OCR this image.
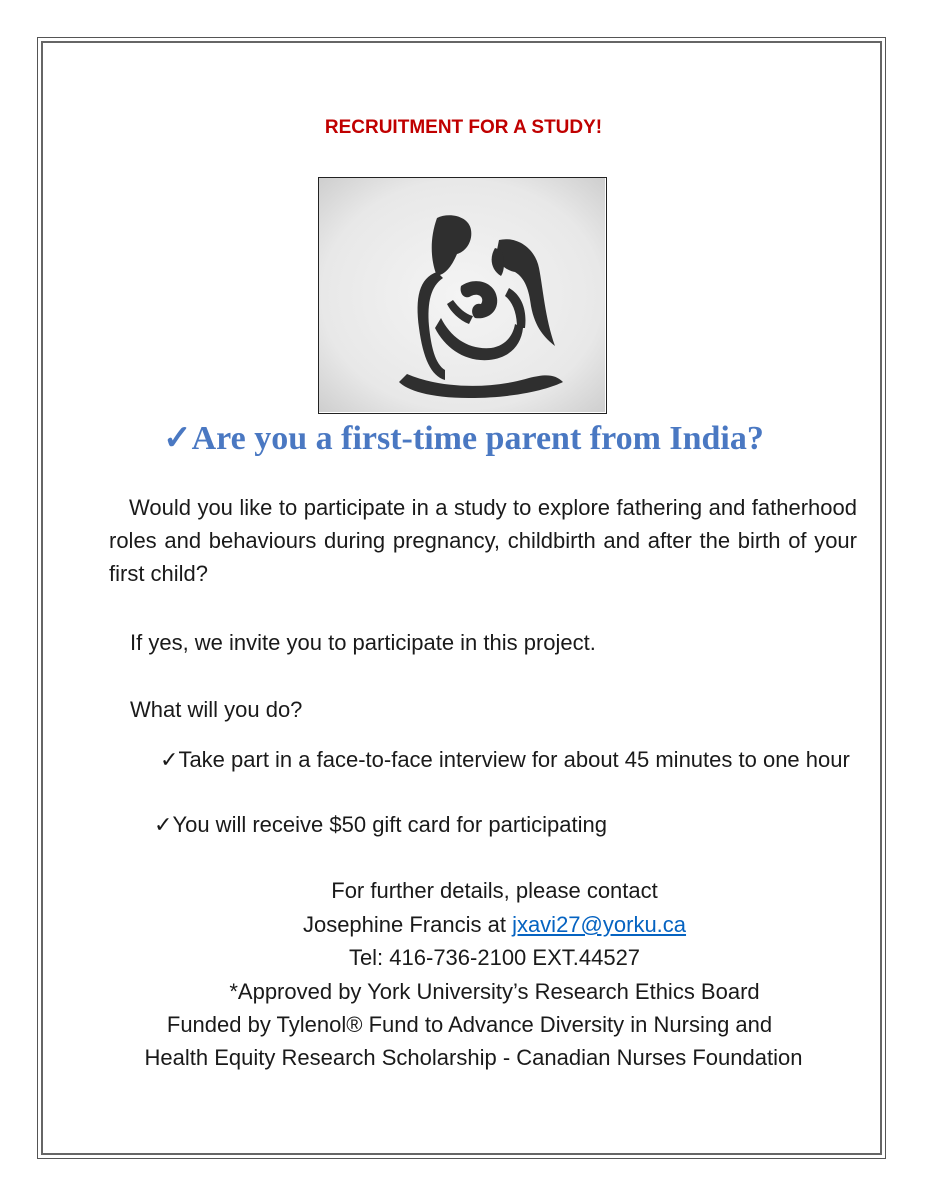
RECRUITMENT FOR A STUDY!
✓Are you a first-time parent from India?
Would you like to participate in a study to explore fathering and fatherhood roles and behaviours during pregnancy, childbirth and after the birth of your first child?
If yes, we invite you to participate in this project.
What will you do?
✓Take part in a face-to-face interview for about 45 minutes to one hour
✓You will receive $50 gift card for participating
For further details, please contact
Josephine Francis at jxavi27@yorku.ca
Tel: 416-736-2100 EXT.44527
*Approved by York University’s Research Ethics Board
Funded by Tylenol® Fund to Advance Diversity in Nursing and
Health Equity Research Scholarship - Canadian Nurses Foundation
